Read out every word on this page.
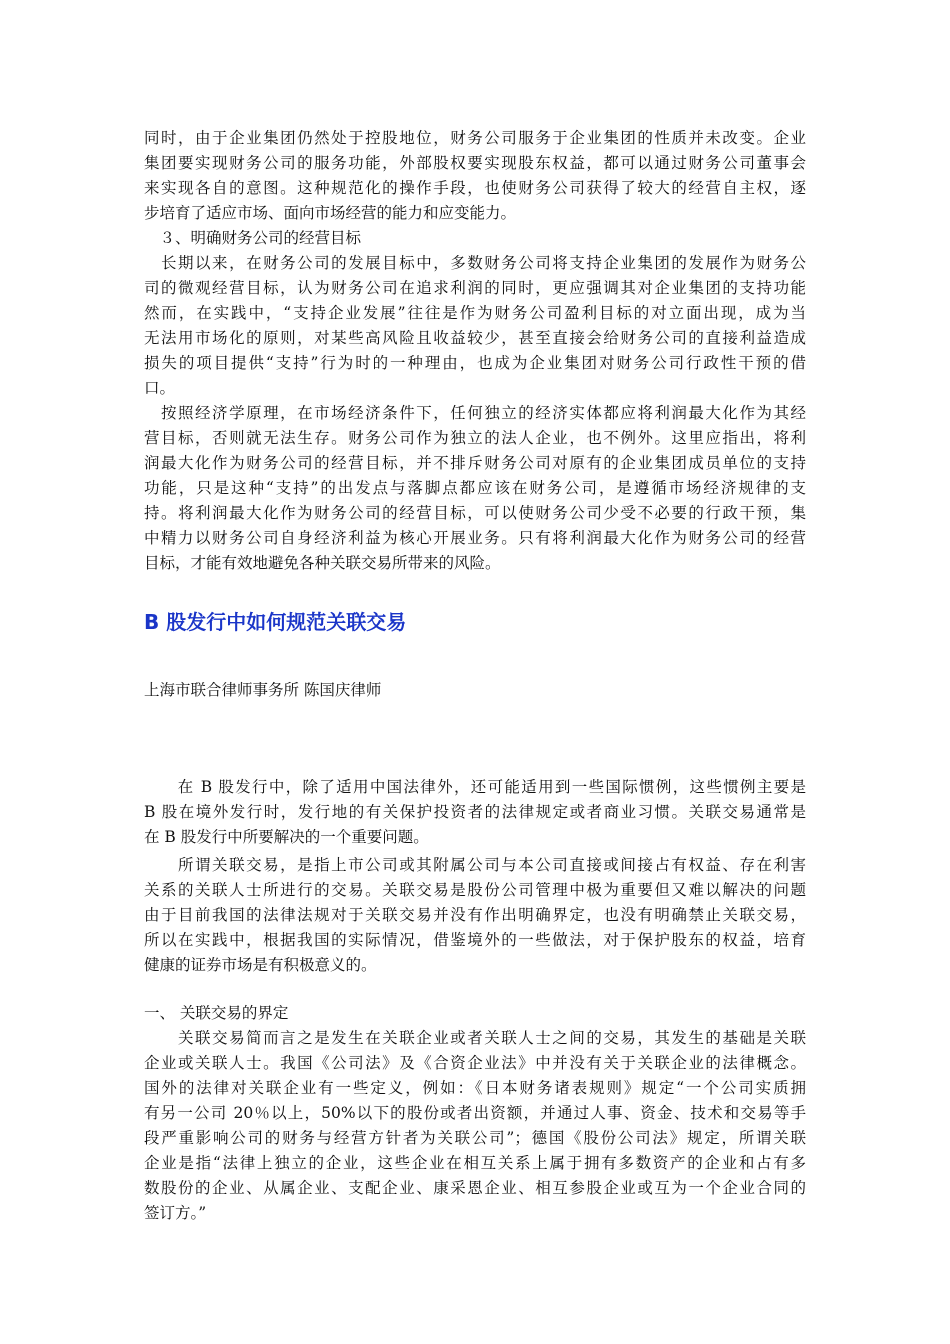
同时，由于企业集团仍然处于控股地位，财务公司服务于企业集团的性质并未改变。企业
集团要实现财务公司的服务功能，外部股权要实现股东权益，都可以通过财务公司董事会
来实现各自的意图。这种规范化的操作手段，也使财务公司获得了较大的经营自主权，逐
步培育了适应市场、面向市场经营的能力和应变能力。
　３、明确财务公司的经营目标
　长期以来，在财务公司的发展目标中，多数财务公司将支持企业集团的发展作为财务公
司的微观经营目标，认为财务公司在追求利润的同时，更应强调其对企业集团的支持功能
然而，在实践中，“支持企业发展”往往是作为财务公司盈利目标的对立面出现，成为当
无法用市场化的原则，对某些高风险且收益较少，甚至直接会给财务公司的直接利益造成
损失的项目提供“支持”行为时的一种理由，也成为企业集团对财务公司行政性干预的借
口。
　按照经济学原理，在市场经济条件下，任何独立的经济实体都应将利润最大化作为其经
营目标，否则就无法生存。财务公司作为独立的法人企业，也不例外。这里应指出，将利
润最大化作为财务公司的经营目标，并不排斥财务公司对原有的企业集团成员单位的支持
功能，只是这种“支持”的出发点与落脚点都应该在财务公司，是遵循市场经济规律的支
持。将利润最大化作为财务公司的经营目标，可以使财务公司少受不必要的行政干预，集
中精力以财务公司自身经济利益为核心开展业务。只有将利润最大化作为财务公司的经营
目标，才能有效地避免各种关联交易所带来的风险。
B 股发行中如何规范关联交易
上海市联合律师事务所 陈国庆律师
　　在 B 股发行中，除了适用中国法律外，还可能适用到一些国际惯例，这些惯例主要是
B 股在境外发行时，发行地的有关保护投资者的法律规定或者商业习惯。关联交易通常是
在 B 股发行中所要解决的一个重要问题。
　　所谓关联交易，是指上市公司或其附属公司与本公司直接或间接占有权益、存在利害
关系的关联人士所进行的交易。关联交易是股份公司管理中极为重要但又难以解决的问题
由于目前我国的法律法规对于关联交易并没有作出明确界定，也没有明确禁止关联交易，
所以在实践中，根据我国的实际情况，借鉴境外的一些做法，对于保护股东的权益，培育
健康的证券市场是有积极意义的。
一、 关联交易的界定
　　关联交易简而言之是发生在关联企业或者关联人士之间的交易，其发生的基础是关联
企业或关联人士。我国《公司法》及《合资企业法》中并没有关于关联企业的法律概念。
国外的法律对关联企业有一些定义，例如：《日本财务诸表规则》规定“一个公司实质拥
有另一公司 20％以上，50%以下的股份或者出资额，并通过人事、资金、技术和交易等手
段严重影响公司的财务与经营方针者为关联公司”；德国《股份公司法》规定，所谓关联
企业是指“法律上独立的企业，这些企业在相互关系上属于拥有多数资产的企业和占有多
数股份的企业、从属企业、支配企业、康采恩企业、相互参股企业或互为一个企业合同的
签订方。”
